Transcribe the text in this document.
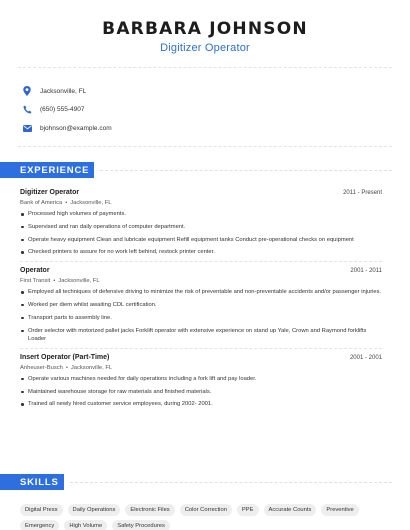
BARBARA JOHNSON
Digitizer Operator
Jacksonville, FL
(650) 555-4907
bjohnson@example.com
EXPERIENCE
Digitizer Operator	2011 - Present
Bank of America • Jacksonville, FL
Processed high volumes of payments.
Supervised and ran daily operations of computer department.
Operate heavy equipment Clean and lubricate equipment Refill equipment tanks Conduct pre-operational checks on equipment
Checked printers to assure for no work left behind, restock printer center.
Operator	2001 - 2011
First Transit • Jacksonville, FL
Employed all techniques of defensive driving to minimize the risk of preventable and non-preventable accidents and/or passenger injuries.
Worked per diem whilst awaiting CDL certification.
Transport parts to assembly line.
Order selector with motorized pallet jacks Forklift operator with extensive experience on stand up Yale, Crown and Raymond forklifts Loader
Insert Operator (Part-Time)	2001 - 2001
Anheuser-Busch • Jacksonville, FL
Operate various machines needed for daily operations including a fork lift and pay loader.
Maintained warehouse storage for raw materials and finished materials.
Trained all newly hired customer service employees, during 2002- 2001.
SKILLS
Digital Press	Daily Operations	Electronic Files	Color Correction	PPE	Accurate Counts	Preventive
Emergency	High Volume	Safety Procedures
